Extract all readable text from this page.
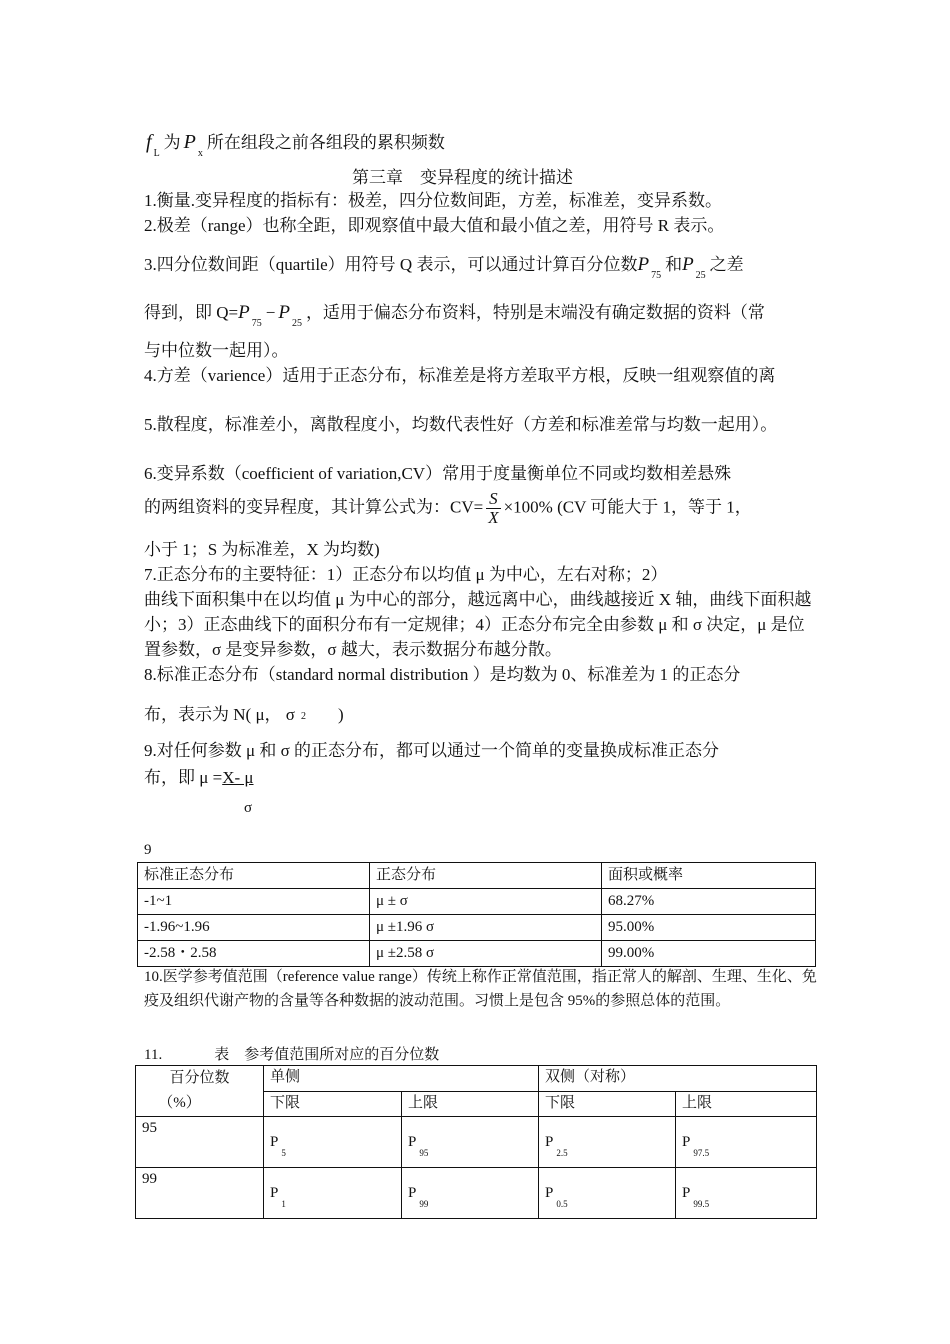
$f_L$为 $P_x$所在组段之前各组段的累积频数
第三章　变异程度的统计描述
1.衡量.变异程度的指标有：极差，四分位数间距，方差，标准差，变异系数。
2.极差（range）也称全距，即观察值中最大值和最小值之差，用符号 R 表示。
3.四分位数间距（quartile）用符号 Q 表示，可以通过计算百分位数$P_{75}$和$P_{25}$之差
得到，即 $Q=P_{75}- P_{25}$，适用于偏态分布资料，特别是末端没有确定数据的资料（常
与中位数一起用）。
4.方差（varience）适用于正态分布，标准差是将方差取平方根，反映一组观察值的离
5.散程度，标准差小，离散程度小，均数代表性好（方差和标准差常与均数一起用）。
6.变异系数（coefficient of variation,CV）常用于度量衡单位不同或均数相差悬殊
的两组资料的变异程度，其计算公式为：$CV= \frac{S}{X} \times 100\%$ (CV 可能大于 1，等于 1，
小于 1；S 为标准差，X 为均数)
7.正态分布的主要特征：1）正态分布以均值 μ 为中心，左右对称；2）
曲线下面积集中在以均值 μ 为中心的部分，越远离中心，曲线越接近 X 轴，曲线下面积越小；3）正态曲线下的面积分布有一定规律；4）正态分布完全由参数 μ 和 σ 决定，μ 是位置参数，σ 是变异参数，σ 越大，表示数据分布越分散。
8.标准正态分布（standard normal distribution ）是均数为 0、标准差为 1 的正态分
布，表示为 N( μ， σ 2 )
9.对任何参数 μ 和 σ 的正态分布，都可以通过一个简单的变量换成标准正态分
布，即 μ =X- μ
σ
9
标准正态分布	正态分布	面积或概率
-1~1	μ ± σ	68.27%
-1.96~1.96	μ ±1.96 σ	95.00%
-2.58・2.58	μ ±2.58 σ	99.00%
10.医学参考值范围（reference value range）传统上称作正常值范围，指正常人的解剖、生理、生化、免疫及组织代谢产物的含量等各种数据的波动范围。习惯上是包含 95%的参照总体的范围。
11.	表　参考值范围所对应的百分位数
百分位数
（%）	单侧		双侧（对称）	
	下限	上限	下限	上限
95	$P_5$	$P_{95}$	$P_{2.5}$	$P_{97.5}$

99	$P_1$	$P_{99}$	$P_{0.5}$	$P_{99.5}$
